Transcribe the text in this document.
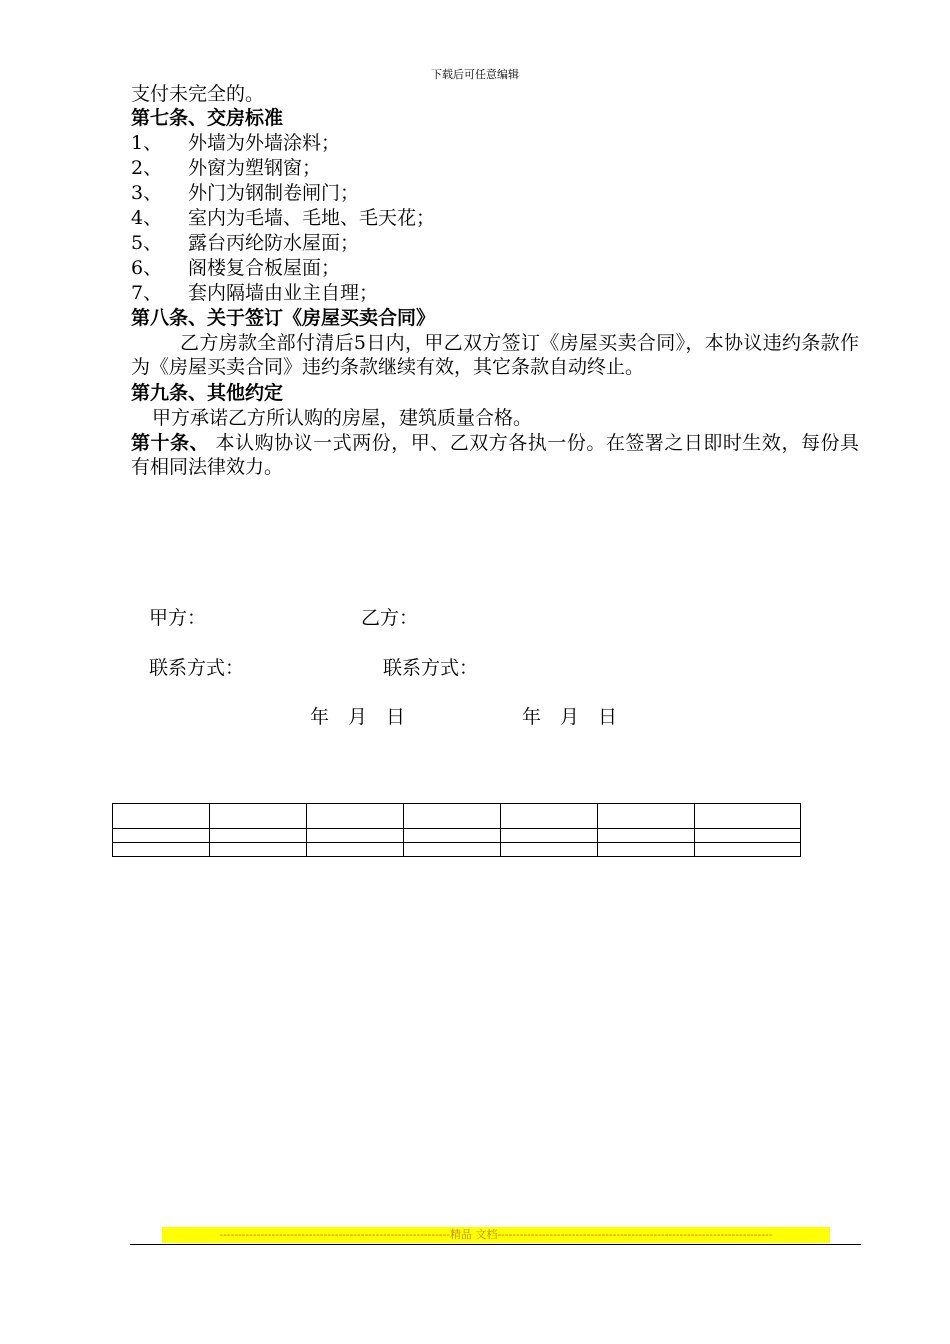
下载后可任意编辑
支付未完全的。
第七条、交房标准
1、 外墙为外墙涂料；
2、 外窗为塑钢窗；
3、 外门为钢制卷闸门；
4、 室内为毛墙、毛地、毛天花；
5、 露台丙纶防水屋面；
6、 阁楼复合板屋面；
7、 套内隔墙由业主自理；
第八条、关于签订《房屋买卖合同》
乙方房款全部付清后5日内，甲乙双方签订《房屋买卖合同》，本协议违约条款作为《房屋买卖合同》违约条款继续有效，其它条款自动终止。
第九条、其他约定
甲方承诺乙方所认购的房屋，建筑质量合格。
第十条、 本认购协议一式两份，甲、乙双方各执一份。在签署之日即时生效，每份具有相同法律效力。
甲方：	乙方：
联系方式：	联系方式：
年　月　日	年　月　日

--------------------------------------------------------------精品 文档--------------------------------------------------------------------------
